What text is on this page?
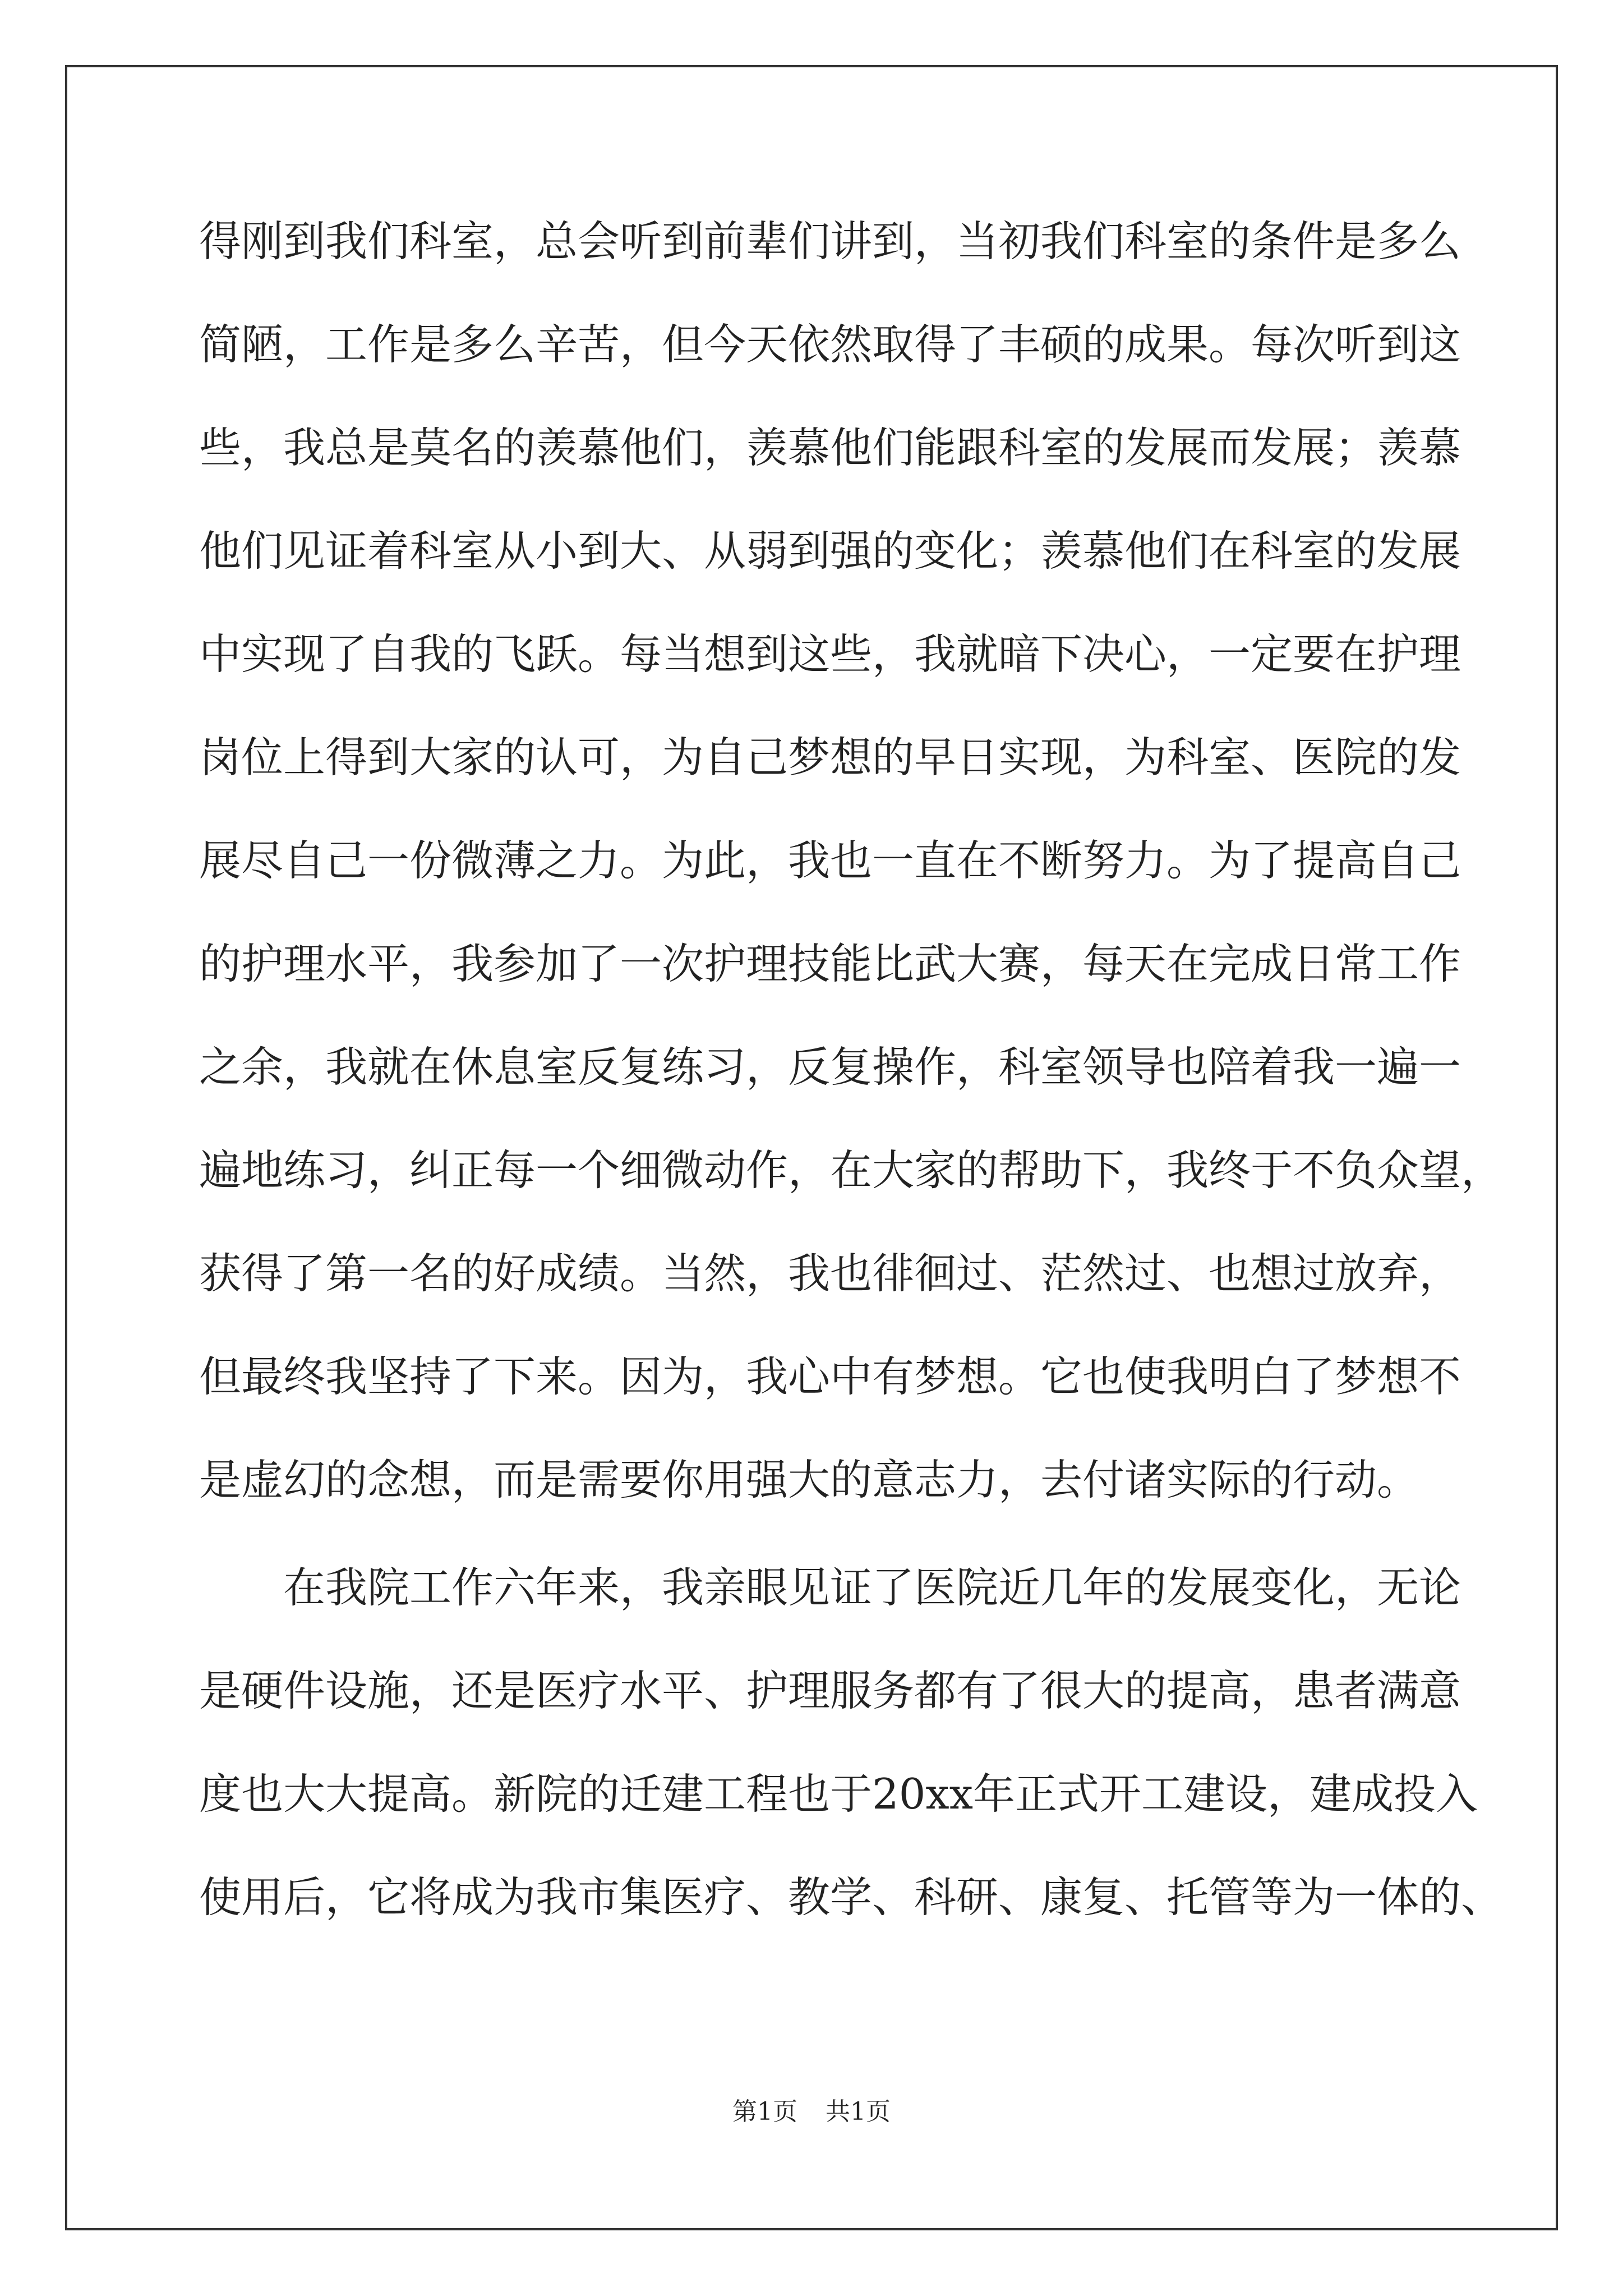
得刚到我们科室，总会听到前辈们讲到，当初我们科室的条件是多么
简陋，工作是多么辛苦，但今天依然取得了丰硕的成果。每次听到这
些，我总是莫名的羡慕他们，羡慕他们能跟科室的发展而发展；羡慕
他们见证着科室从小到大、从弱到强的变化；羡慕他们在科室的发展
中实现了自我的飞跃。每当想到这些，我就暗下决心，一定要在护理
岗位上得到大家的认可，为自己梦想的早日实现，为科室、医院的发
展尽自己一份微薄之力。为此，我也一直在不断努力。为了提高自己
的护理水平，我参加了一次护理技能比武大赛，每天在完成日常工作
之余，我就在休息室反复练习，反复操作，科室领导也陪着我一遍一
遍地练习，纠正每一个细微动作，在大家的帮助下，我终于不负众望，
获得了第一名的好成绩。当然，我也徘徊过、茫然过、也想过放弃，
但最终我坚持了下来。因为，我心中有梦想。它也使我明白了梦想不
是虚幻的念想，而是需要你用强大的意志力，去付诸实际的行动。
在我院工作六年来，我亲眼见证了医院近几年的发展变化，无论
是硬件设施，还是医疗水平、护理服务都有了很大的提高，患者满意
度也大大提高。新院的迁建工程也于20xx年正式开工建设，建成投入
使用后，它将成为我市集医疗、教学、科研、康复、托管等为一体的、
第1页 共1页
